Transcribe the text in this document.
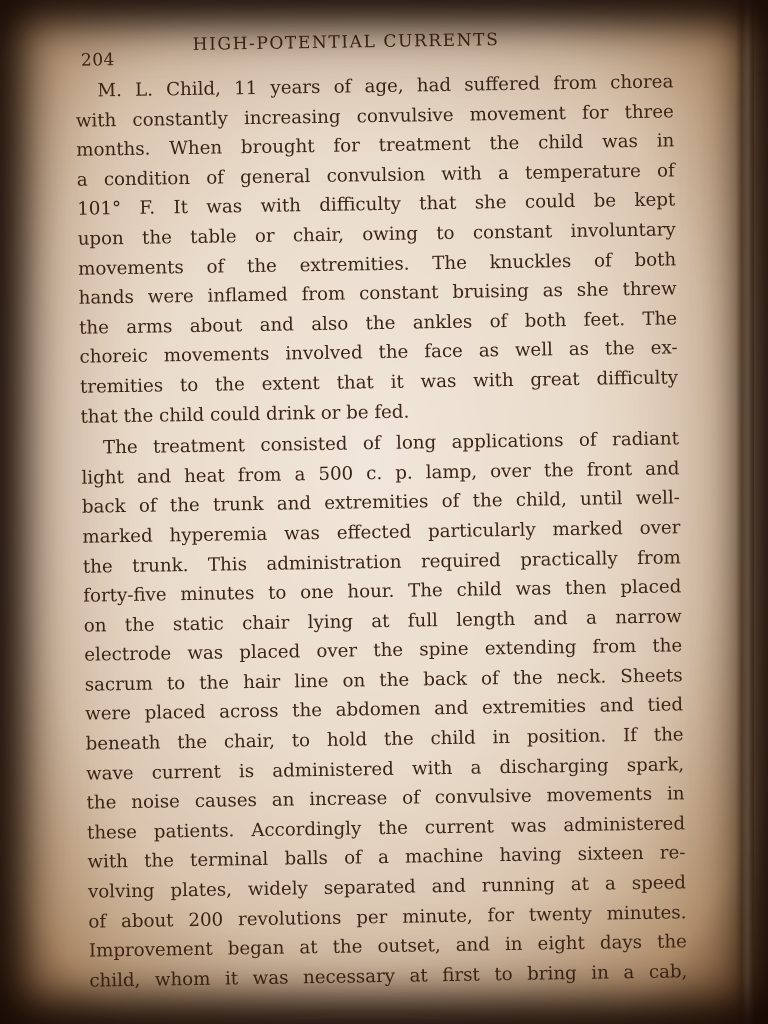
204
HIGH-POTENTIAL CURRENTS
M. L. Child, 11 years of age, had suffered from chorea
with constantly increasing convulsive movement for three
months. When brought for treatment the child was in
a condition of general convulsion with a temperature of
101° F. It was with difficulty that she could be kept
upon the table or chair, owing to constant involuntary
movements of the extremities. The knuckles of both
hands were inflamed from constant bruising as she threw
the arms about and also the ankles of both feet. The
choreic movements involved the face as well as the ex-
tremities to the extent that it was with great difficulty
that the child could drink or be fed.
The treatment consisted of long applications of radiant
light and heat from a 500 c. p. lamp, over the front and
back of the trunk and extremities of the child, until well-
marked hyperemia was effected particularly marked over
the trunk. This administration required practically from
forty-five minutes to one hour. The child was then placed
on the static chair lying at full length and a narrow
electrode was placed over the spine extending from the
sacrum to the hair line on the back of the neck. Sheets
were placed across the abdomen and extremities and tied
beneath the chair, to hold the child in position. If the
wave current is administered with a discharging spark,
the noise causes an increase of convulsive movements in
these patients. Accordingly the current was administered
with the terminal balls of a machine having sixteen re-
volving plates, widely separated and running at a speed
of about 200 revolutions per minute, for twenty minutes.
Improvement began at the outset, and in eight days the
child, whom it was necessary at first to bring in a cab,
